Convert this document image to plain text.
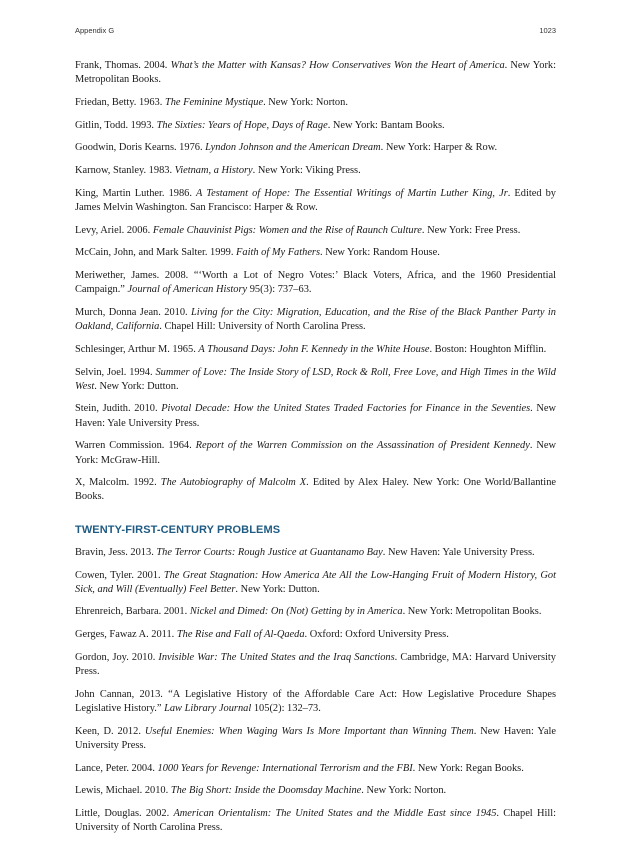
Appendix G	1023

Frank, Thomas. 2004. What’s the Matter with Kansas? How Conservatives Won the Heart of America. New York: Metropolitan Books.

Friedan, Betty. 1963. The Feminine Mystique. New York: Norton.

Gitlin, Todd. 1993. The Sixties: Years of Hope, Days of Rage. New York: Bantam Books.

Goodwin, Doris Kearns. 1976. Lyndon Johnson and the American Dream. New York: Harper & Row.

Karnow, Stanley. 1983. Vietnam, a History. New York: Viking Press.

King, Martin Luther. 1986. A Testament of Hope: The Essential Writings of Martin Luther King, Jr. Edited by James Melvin Washington. San Francisco: Harper & Row.

Levy, Ariel. 2006. Female Chauvinist Pigs: Women and the Rise of Raunch Culture. New York: Free Press.

McCain, John, and Mark Salter. 1999. Faith of My Fathers. New York: Random House.

Meriwether, James. 2008. “‘Worth a Lot of Negro Votes:’ Black Voters, Africa, and the 1960 Presidential Campaign.” Journal of American History 95(3): 737–63.

Murch, Donna Jean. 2010. Living for the City: Migration, Education, and the Rise of the Black Panther Party in Oakland, California. Chapel Hill: University of North Carolina Press.

Schlesinger, Arthur M. 1965. A Thousand Days: John F. Kennedy in the White House. Boston: Houghton Mifflin.

Selvin, Joel. 1994. Summer of Love: The Inside Story of LSD, Rock & Roll, Free Love, and High Times in the Wild West. New York: Dutton.

Stein, Judith. 2010. Pivotal Decade: How the United States Traded Factories for Finance in the Seventies. New Haven: Yale University Press.

Warren Commission. 1964. Report of the Warren Commission on the Assassination of President Kennedy. New York: McGraw-Hill.

X, Malcolm. 1992. The Autobiography of Malcolm X. Edited by Alex Haley. New York: One World/Ballantine Books.

TWENTY-FIRST-CENTURY PROBLEMS

Bravin, Jess. 2013. The Terror Courts: Rough Justice at Guantanamo Bay. New Haven: Yale University Press.

Cowen, Tyler. 2001. The Great Stagnation: How America Ate All the Low-Hanging Fruit of Modern History, Got Sick, and Will (Eventually) Feel Better. New York: Dutton.

Ehrenreich, Barbara. 2001. Nickel and Dimed: On (Not) Getting by in America. New York: Metropolitan Books.

Gerges, Fawaz A. 2011. The Rise and Fall of Al-Qaeda. Oxford: Oxford University Press.

Gordon, Joy. 2010. Invisible War: The United States and the Iraq Sanctions. Cambridge, MA: Harvard University Press.

John Cannan, 2013. “A Legislative History of the Affordable Care Act: How Legislative Procedure Shapes Legislative History.” Law Library Journal 105(2): 132–73.

Keen, D. 2012. Useful Enemies: When Waging Wars Is More Important than Winning Them. New Haven: Yale University Press.

Lance, Peter. 2004. 1000 Years for Revenge: International Terrorism and the FBI. New York: Regan Books.

Lewis, Michael. 2010. The Big Short: Inside the Doomsday Machine. New York: Norton.

Little, Douglas. 2002. American Orientalism: The United States and the Middle East since 1945. Chapel Hill: University of North Carolina Press.
